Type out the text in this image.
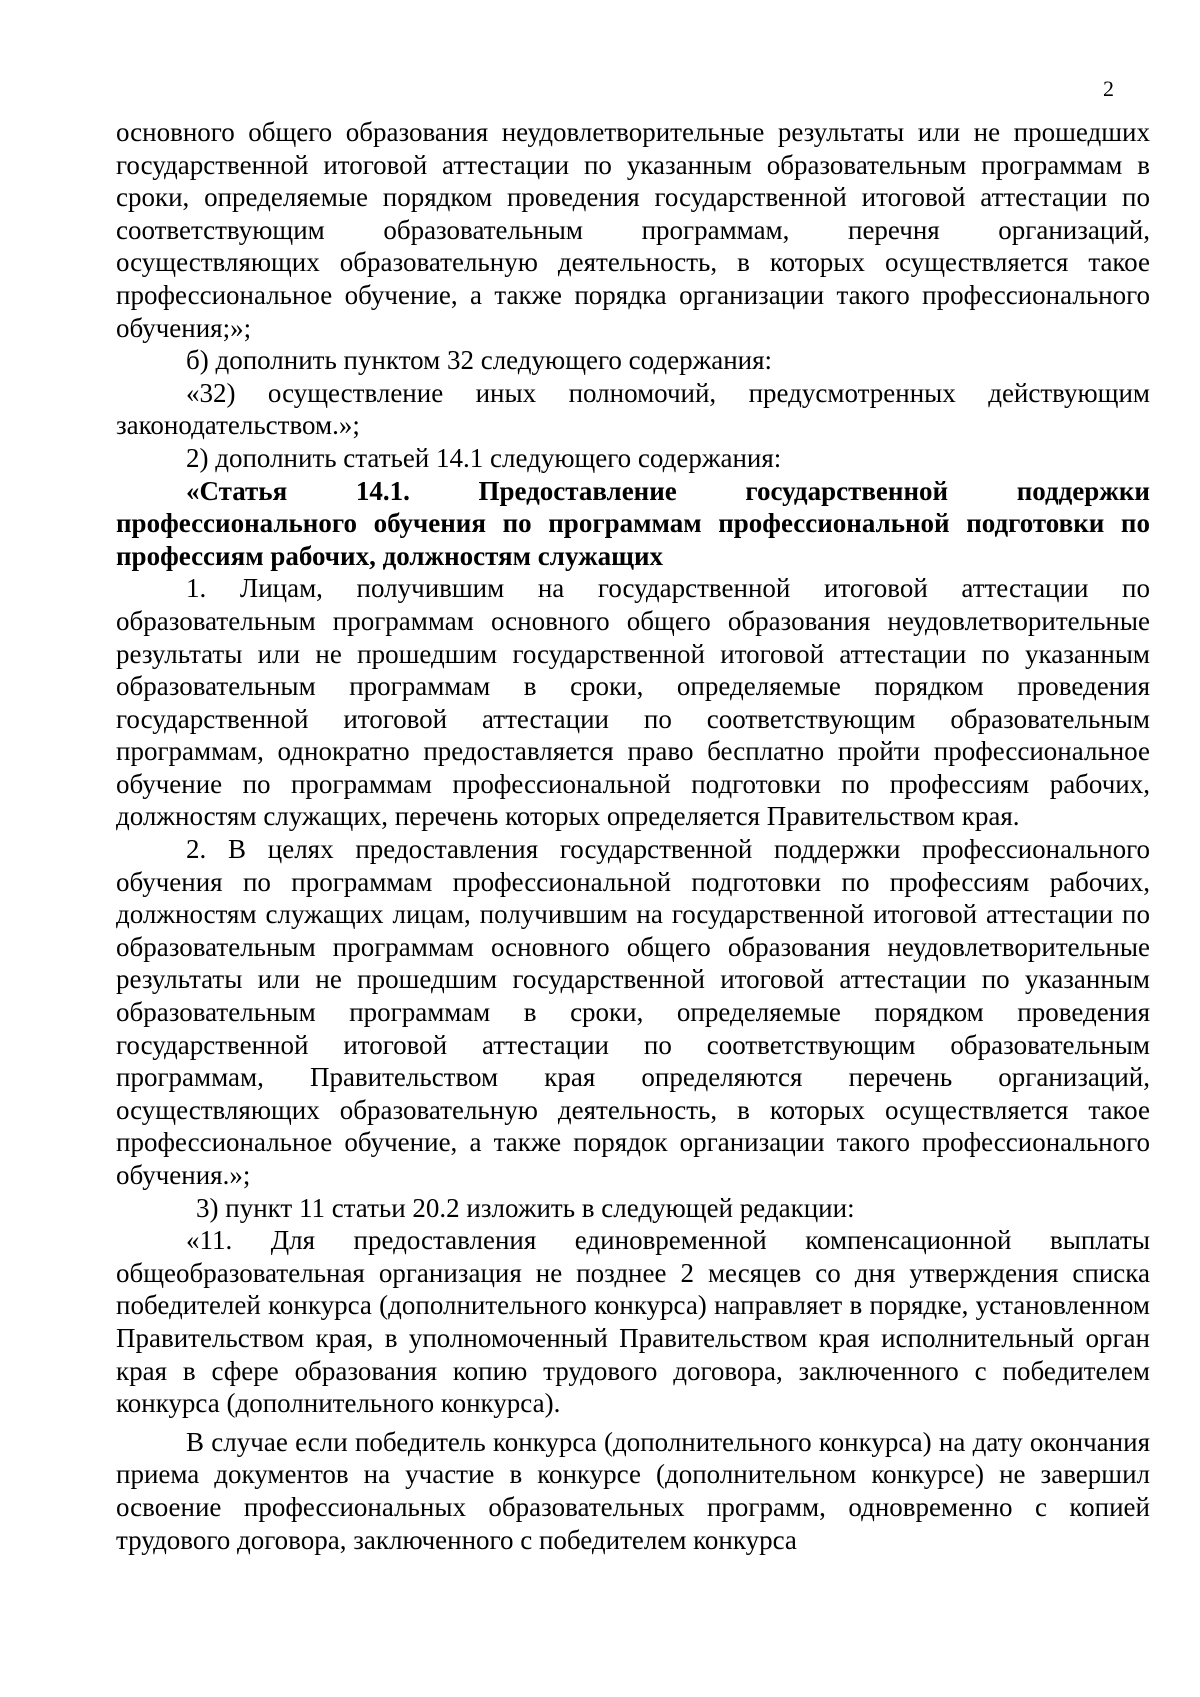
2

основного общего образования неудовлетворительные результаты или не прошедших государственной итоговой аттестации по указанным образовательным программам в сроки, определяемые порядком проведения государственной итоговой аттестации по соответствующим образовательным программам, перечня организаций, осуществляющих образовательную деятельность, в которых осуществляется такое профессиональное обучение, а также порядка организации такого профессионального обучения;»;

б) дополнить пунктом 32 следующего содержания:

«32) осуществление иных полномочий, предусмотренных действующим законодательством.»;

2) дополнить статьей 14.1 следующего содержания:

«Статья 14.1. Предоставление государственной поддержки профессионального обучения по программам профессиональной подготовки по профессиям рабочих, должностям служащих

1. Лицам, получившим на государственной итоговой аттестации по образовательным программам основного общего образования неудовлетворительные результаты или не прошедшим государственной итоговой аттестации по указанным образовательным программам в сроки, определяемые порядком проведения государственной итоговой аттестации по соответствующим образовательным программам, однократно предоставляется право бесплатно пройти профессиональное обучение по программам профессиональной подготовки по профессиям рабочих, должностям служащих, перечень которых определяется Правительством края.

2. В целях предоставления государственной поддержки профессионального обучения по программам профессиональной подготовки по профессиям рабочих, должностям служащих лицам, получившим на государственной итоговой аттестации по образовательным программам основного общего образования неудовлетворительные результаты или не прошедшим государственной итоговой аттестации по указанным образовательным программам в сроки, определяемые порядком проведения государственной итоговой аттестации по соответствующим образовательным программам, Правительством края определяются перечень организаций, осуществляющих образовательную деятельность, в которых осуществляется такое профессиональное обучение, а также порядок организации такого профессионального обучения.»;

3) пункт 11 статьи 20.2 изложить в следующей редакции:

«11. Для предоставления единовременной компенсационной выплаты общеобразовательная организация не позднее 2 месяцев со дня утверждения списка победителей конкурса (дополнительного конкурса) направляет в порядке, установленном Правительством края, в уполномоченный Правительством края исполнительный орган края в сфере образования копию трудового договора, заключенного с победителем конкурса (дополнительного конкурса).

В случае если победитель конкурса (дополнительного конкурса) на дату окончания приема документов на участие в конкурсе (дополнительном конкурсе) не завершил освоение профессиональных образовательных программ, одновременно с копией трудового договора, заключенного с победителем конкурса
